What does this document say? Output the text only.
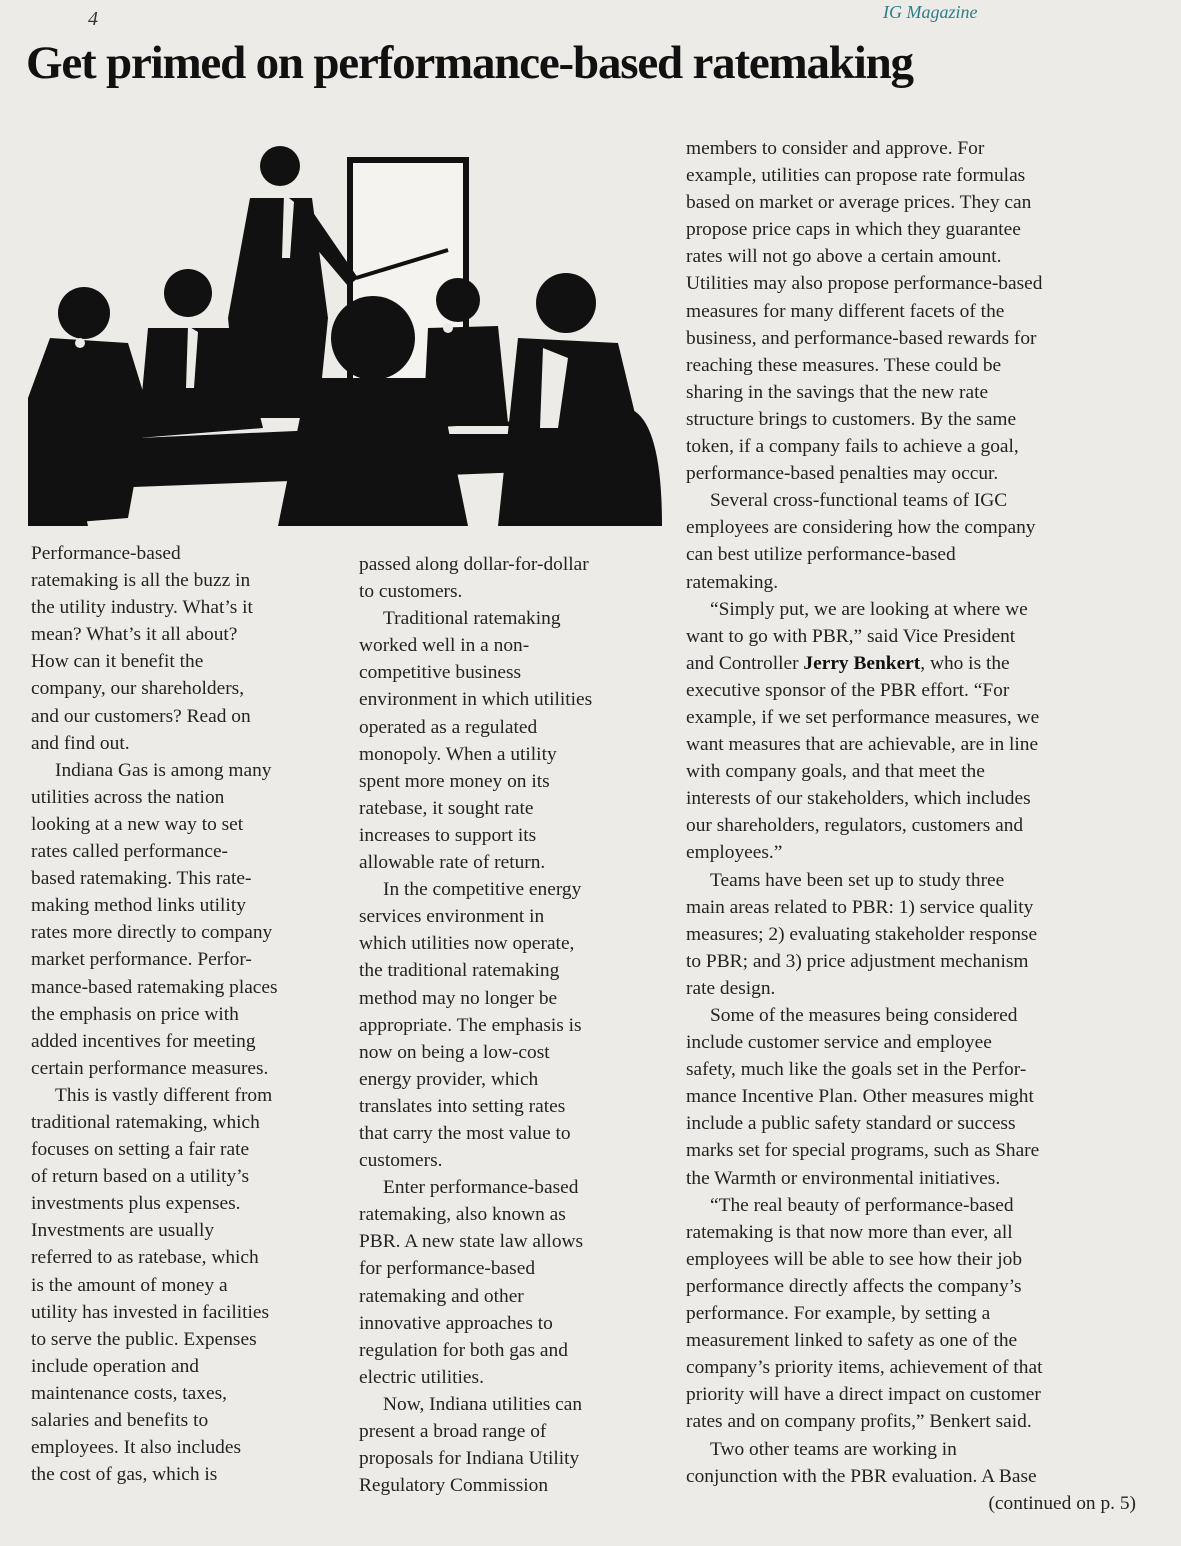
4	IG Magazine
Get primed on performance-based ratemaking

Performance-based
ratemaking is all the buzz in
the utility industry. What’s it
mean? What’s it all about?
How can it benefit the
company, our shareholders,
and our customers? Read on
and find out.

Indiana Gas is among many
utilities across the nation
looking at a new way to set
rates called performance-
based ratemaking. This rate-
making method links utility
rates more directly to company
market performance. Perfor-
mance-based ratemaking places
the emphasis on price with
added incentives for meeting
certain performance measures.

This is vastly different from
traditional ratemaking, which
focuses on setting a fair rate
of return based on a utility’s
investments plus expenses.
Investments are usually
referred to as ratebase, which
is the amount of money a
utility has invested in facilities
to serve the public. Expenses
include operation and
maintenance costs, taxes,
salaries and benefits to
employees. It also includes
the cost of gas, which is

passed along dollar-for-dollar
to customers.

Traditional ratemaking
worked well in a non-
competitive business
environment in which utilities
operated as a regulated
monopoly. When a utility
spent more money on its
ratebase, it sought rate
increases to support its
allowable rate of return.

In the competitive energy
services environment in
which utilities now operate,
the traditional ratemaking
method may no longer be
appropriate. The emphasis is
now on being a low-cost
energy provider, which
translates into setting rates
that carry the most value to
customers.

Enter performance-based
ratemaking, also known as
PBR. A new state law allows
for performance-based
ratemaking and other
innovative approaches to
regulation for both gas and
electric utilities.

Now, Indiana utilities can
present a broad range of
proposals for Indiana Utility
Regulatory Commission

members to consider and approve. For
example, utilities can propose rate formulas
based on market or average prices. They can
propose price caps in which they guarantee
rates will not go above a certain amount.
Utilities may also propose performance-based
measures for many different facets of the
business, and performance-based rewards for
reaching these measures. These could be
sharing in the savings that the new rate
structure brings to customers. By the same
token, if a company fails to achieve a goal,
performance-based penalties may occur.

Several cross-functional teams of IGC
employees are considering how the company
can best utilize performance-based
ratemaking.

“Simply put, we are looking at where we
want to go with PBR,” said Vice President
and Controller Jerry Benkert, who is the
executive sponsor of the PBR effort. “For
example, if we set performance measures, we
want measures that are achievable, are in line
with company goals, and that meet the
interests of our stakeholders, which includes
our shareholders, regulators, customers and
employees.”

Teams have been set up to study three
main areas related to PBR: 1) service quality
measures; 2) evaluating stakeholder response
to PBR; and 3) price adjustment mechanism
rate design.

Some of the measures being considered
include customer service and employee
safety, much like the goals set in the Perfor-
mance Incentive Plan. Other measures might
include a public safety standard or success
marks set for special programs, such as Share
the Warmth or environmental initiatives.

“The real beauty of performance-based
ratemaking is that now more than ever, all
employees will be able to see how their job
performance directly affects the company’s
performance. For example, by setting a
measurement linked to safety as one of the
company’s priority items, achievement of that
priority will have a direct impact on customer
rates and on company profits,” Benkert said.

Two other teams are working in
conjunction with the PBR evaluation. A Base

(continued on p. 5)
